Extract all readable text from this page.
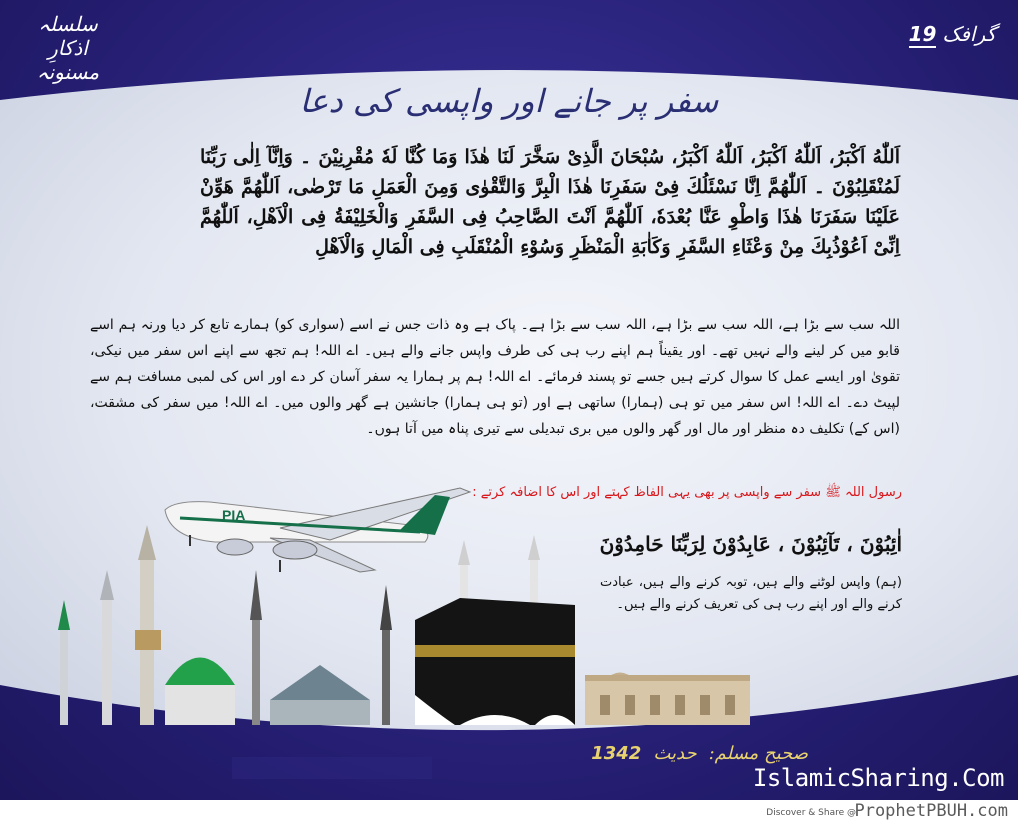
سلسلہ
اذکارِ مسنونہ
گرافک
19
سفر پر جانے اور واپسی کی دعا
اَللّٰهُ اَكْبَرُ، اَللّٰهُ اَكْبَرُ، اَللّٰهُ اَكْبَرُ، سُبْحَانَ الَّذِىْ سَخَّرَ لَنَا هٰذَا وَمَا كُنَّا لَهٗ مُقْرِنِيْنَ ۔ وَاِنَّآ اِلٰى رَبِّنَا لَمُنْقَلِبُوْنَ ۔ اَللّٰهُمَّ اِنَّا نَسْئَلُكَ فِىْ سَفَرِنَا هٰذَا الْبِرَّ وَالتَّقْوٰى وَمِنَ الْعَمَلِ مَا تَرْضٰى، اَللّٰهُمَّ هَوِّنْ عَلَيْنَا سَفَرَنَا هٰذَا وَاطْوِ عَنَّا بُعْدَهٗ، اَللّٰهُمَّ اَنْتَ الصَّاحِبُ فِى السَّفَرِ وَالْخَلِيْفَةُ فِى الْاَهْلِ، اَللّٰهُمَّ اِنِّىْ اَعُوْذُبِكَ مِنْ وَعْثَاءِ السَّفَرِ وَكَاٰبَةِ الْمَنْظَرِ وَسُوْءِ الْمُنْقَلَبِ فِى الْمَالِ وَالْاَهْلِ
اللہ سب سے بڑا ہے، اللہ سب سے بڑا ہے، اللہ سب سے بڑا ہے۔ پاک ہے وہ ذات جس نے اسے (سواری کو) ہمارے تابع کر دیا ورنہ ہم اسے قابو میں کر لینے والے نہیں تھے۔ اور یقیناً ہم اپنے رب ہی کی طرف واپس جانے والے ہیں۔ اے اللہ! ہم تجھ سے اپنے اس سفر میں نیکی، تقویٰ اور ایسے عمل کا سوال کرتے ہیں جسے تو پسند فرمائے۔ اے اللہ! ہم پر ہمارا یہ سفر آسان کر دے اور اس کی لمبی مسافت ہم سے لپیٹ دے۔ اے اللہ! اس سفر میں تو ہی (ہمارا) ساتھی ہے اور (تو ہی ہمارا) جانشین ہے گھر والوں میں۔ اے اللہ! میں سفر کی مشقت، (اس کے) تکلیف دہ منظر اور مال اور گھر والوں میں بری تبدیلی سے تیری پناہ میں آتا ہوں۔
رسول اللہ ﷺ سفر سے واپسی پر بھی یہی الفاظ کہتے اور اس کا اضافہ کرتے :
اٰئِبُوْنَ ، تَآئِبُوْنَ ، عَابِدُوْنَ لِرَبِّنَا حَامِدُوْنَ
(ہم) واپس لوٹنے والے ہیں، توبہ کرنے والے ہیں، عبادت کرنے والے اور اپنے رب ہی کی تعریف کرنے والے ہیں۔
PIA
صحیح مسلم:
حدیث
1342
IslamicSharing.Com
Discover & Share @
ProphetPBUH.com
